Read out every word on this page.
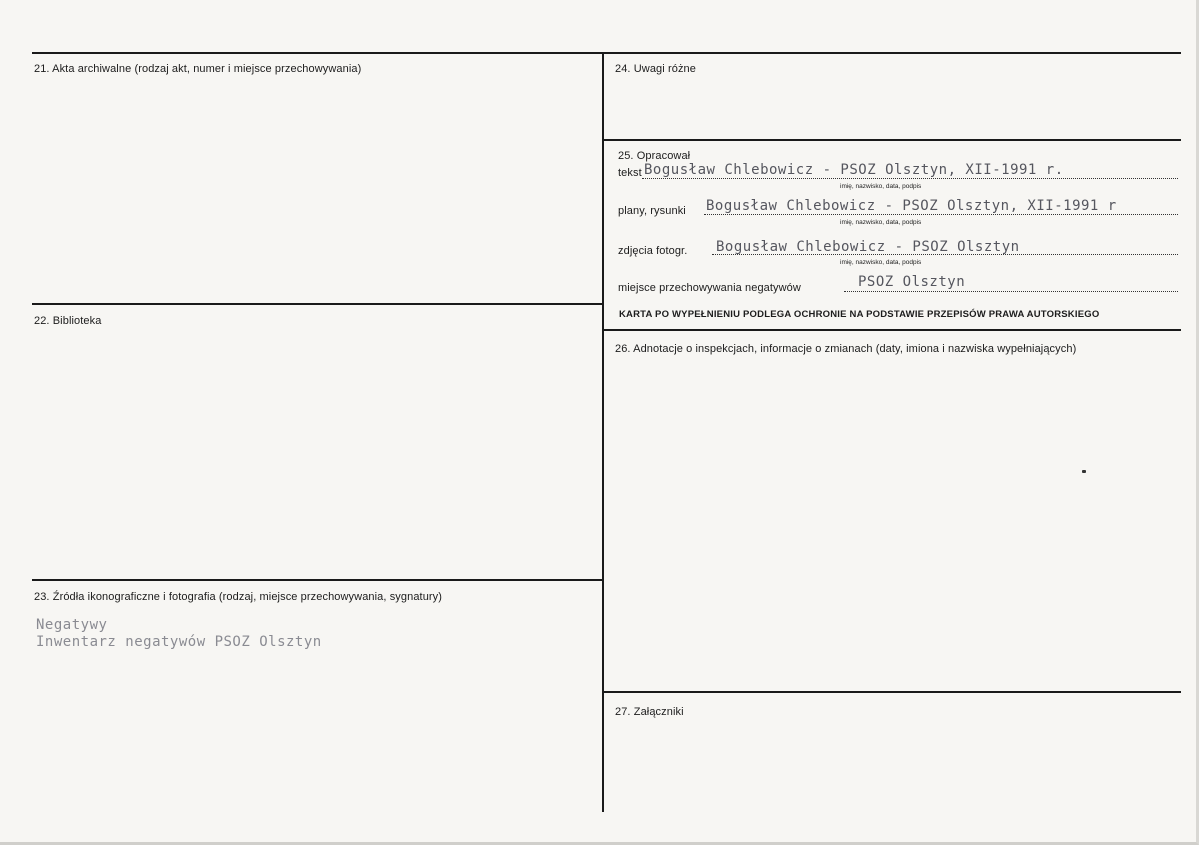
21. Akta archiwalne (rodzaj akt, numer i miejsce przechowywania)
22. Biblioteka
23. Źródła ikonograficzne i fotografia (rodzaj, miejsce przechowywania, sygnatury)
Negatywy
Inwentarz negatywów PSOZ Olsztyn
24. Uwagi różne
25. Opracował
tekst Bogusław Chlebowicz - PSOZ Olsztyn, XII-1991 r.
imię, nazwisko, data, podpis
plany, rysunki Bogusław Chlebowicz - PSOZ Olsztyn, XII-1991 r
imię, nazwisko, data, podpis
zdjęcia fotogr. Bogusław Chlebowicz - PSOZ Olsztyn
imię, nazwisko, data, podpis
miejsce przechowywania negatywów	PSOZ Olsztyn
KARTA PO WYPEŁNIENIU PODLEGA OCHRONIE NA PODSTAWIE PRZEPISÓW PRAWA AUTORSKIEGO
26. Adnotacje o inspekcjach, informacje o zmianach (daty, imiona i nazwiska wypełniających)
27. Załączniki
